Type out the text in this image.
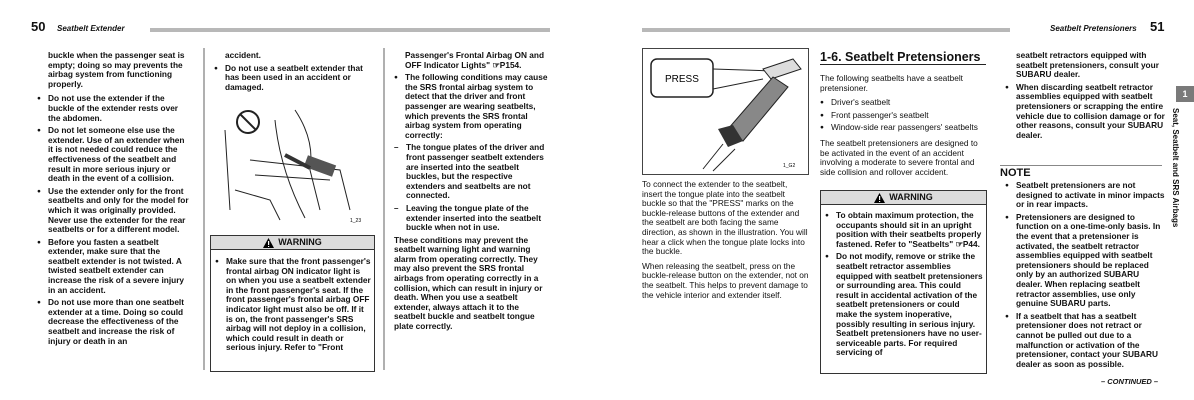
50 Seatbelt Extender

buckle when the passenger seat is empty; doing so may prevents the airbag system from functioning properly.

● Do not use the extender if the buckle of the extender rests over the abdomen.
● Do not let someone else use the extender. Use of an extender when it is not needed could reduce the effectiveness of the seatbelt and result in more serious injury or death in the event of a collision.
● Use the extender only for the front seatbelts and only for the model for which it was originally provided. Never use the extender for the rear seatbelts or for a different model.
● Before you fasten a seatbelt extender, make sure that the seatbelt extender is not twisted. A twisted seatbelt extender can increase the risk of a severe injury in an accident.
● Do not use more than one seatbelt extender at a time. Doing so could decrease the effectiveness of the seatbelt and increase the risk of injury or death in an

accident.

● Do not use a seatbelt extender that has been used in an accident or damaged.
1_23
WARNING
● Make sure that the front passenger's frontal airbag ON indicator light is on when you use a seatbelt extender in the front passenger's seat. If the front passenger's frontal airbag OFF indicator light must also be off. If it is on, the front passenger's SRS airbag will not deploy in a collision, which could result in death or serious injury. Refer to "Front

Passenger's Frontal Airbag ON and OFF Indicator Lights" ☞P154.

● The following conditions may cause the SRS frontal airbag system to detect that the driver and front passenger are wearing seatbelts, which prevents the SRS frontal airbag system from operating correctly:
– The tongue plates of the driver and front passenger seatbelt extenders are inserted into the seatbelt buckles, but the respective extenders and seatbelts are not connected.
– Leaving the tongue plate of the extender inserted into the seatbelt buckle when not in use.

These conditions may prevent the seatbelt warning light and warning alarm from operating correctly. They may also prevent the SRS frontal airbags from operating correctly in a collision, which can result in injury or death. When you use a seatbelt extender, always attach it to the seatbelt buckle and seatbelt tongue plate correctly.

Seatbelt Pretensioners 51
PRESS
1_G2

To connect the extender to the seatbelt, insert the tongue plate into the seatbelt buckle so that the "PRESS" marks on the buckle-release buttons of the extender and the seatbelt are both facing the same direction, as shown in the illustration. You will hear a click when the tongue plate locks into the buckle.

When releasing the seatbelt, press on the buckle-release button on the extender, not on the seatbelt. This helps to prevent damage to the vehicle interior and extender itself.

1-6. Seatbelt Pretensioners

The following seatbelts have a seatbelt pretensioner.

● Driver's seatbelt
● Front passenger's seatbelt
● Window-side rear passengers' seatbelts

The seatbelt pretensioners are designed to be activated in the event of an accident involving a moderate to severe frontal and side collision and rollover accident.

WARNING
● To obtain maximum protection, the occupants should sit in an upright position with their seatbelts properly fastened. Refer to "Seatbelts" ☞P44.
● Do not modify, remove or strike the seatbelt retractor assemblies equipped with seatbelt pretensioners or surrounding area. This could result in accidental activation of the seatbelt pretensioners or could make the system inoperative, possibly resulting in serious injury. Seatbelt pretensioners have no user-serviceable parts. For required servicing of

seatbelt retractors equipped with seatbelt pretensioners, consult your SUBARU dealer.

● When discarding seatbelt retractor assemblies equipped with seatbelt pretensioners or scrapping the entire vehicle due to collision damage or for other reasons, consult your SUBARU dealer.
NOTE
● Seatbelt pretensioners are not designed to activate in minor impacts or in rear impacts.
● Pretensioners are designed to function on a one-time-only basis. In the event that a pretensioner is activated, the seatbelt retractor assemblies equipped with seatbelt pretensioners should be replaced only by an authorized SUBARU dealer. When replacing seatbelt retractor assemblies, use only genuine SUBARU parts.
● If a seatbelt that has a seatbelt pretensioner does not retract or cannot be pulled out due to a malfunction or activation of the pretensioner, contact your SUBARU dealer as soon as possible.
– CONTINUED –
1
Seat, Seatbelt and SRS Airbags
